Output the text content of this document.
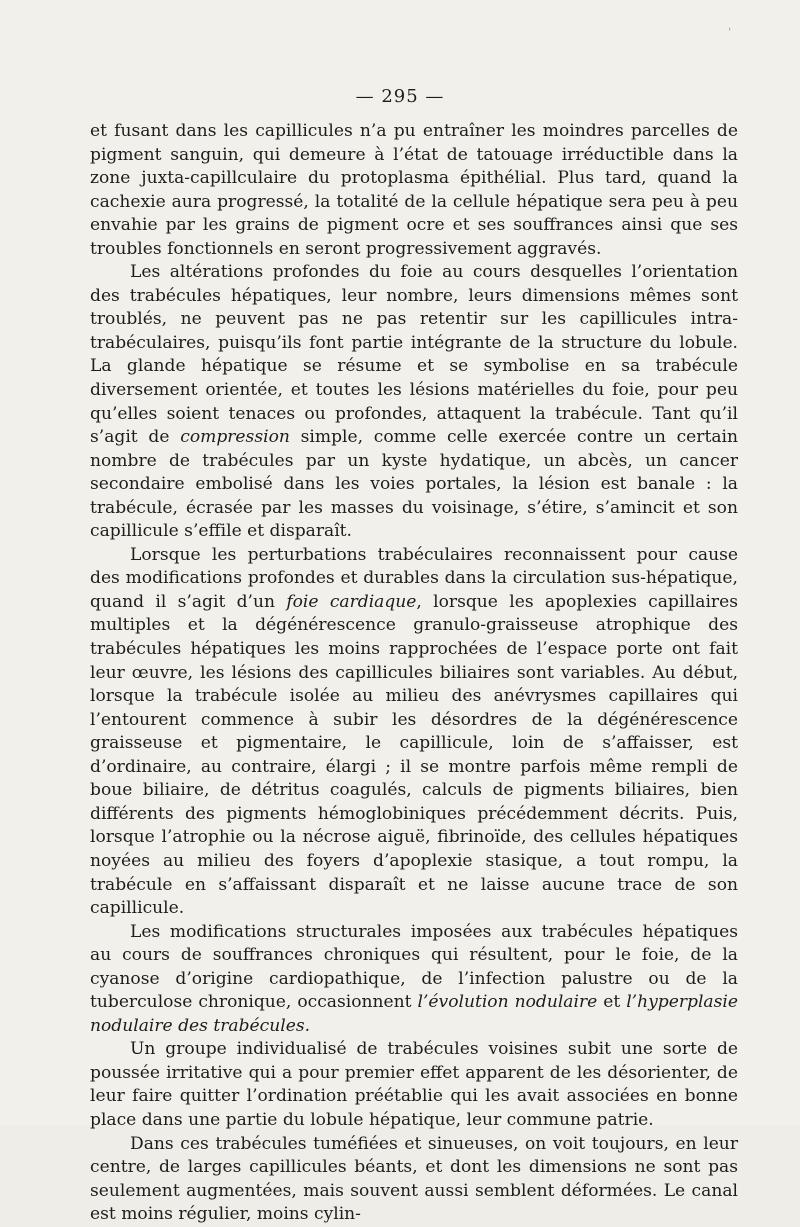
— 295 —

et fusant dans les capillicules n’a pu entraîner les moindres parcelles de pigment sanguin, qui demeure à l’état de tatouage irréductible dans la zone juxta-capillculaire du protoplasma épithélial. Plus tard, quand la cachexie aura progressé, la totalité de la cellule hépatique sera peu à peu envahie par les grains de pigment ocre et ses souffrances ainsi que ses troubles fonctionnels en seront progressivement aggravés.

Les altérations profondes du foie au cours desquelles l’orientation des trabécules hépatiques, leur nombre, leurs dimensions mêmes sont troublés, ne peuvent pas ne pas retentir sur les capillicules intra-trabéculaires, puisqu’ils font partie intégrante de la structure du lobule. La glande hépatique se résume et se symbolise en sa trabécule diversement orientée, et toutes les lésions matérielles du foie, pour peu qu’elles soient tenaces ou profondes, attaquent la trabécule. Tant qu’il s’agit de compression simple, comme celle exercée contre un certain nombre de trabécules par un kyste hydatique, un abcès, un cancer secondaire embolisé dans les voies portales, la lésion est banale : la trabécule, écrasée par les masses du voisinage, s’étire, s’amincit et son capillicule s’effile et disparaît.

Lorsque les perturbations trabéculaires reconnaissent pour cause des modifications profondes et durables dans la circulation sus-hépatique, quand il s’agit d’un foie cardiaque, lorsque les apoplexies capillaires multiples et la dégénérescence granulo-graisseuse atrophique des trabécules hépatiques les moins rapprochées de l’espace porte ont fait leur œuvre, les lésions des capillicules biliaires sont variables. Au début, lorsque la trabécule isolée au milieu des anévrysmes capillaires qui l’entourent commence à subir les désordres de la dégénérescence graisseuse et pigmentaire, le capillicule, loin de s’affaisser, est d’ordinaire, au contraire, élargi ; il se montre parfois même rempli de boue biliaire, de détritus coagulés, calculs de pigments biliaires, bien différents des pigments hémoglobiniques précédemment décrits. Puis, lorsque l’atrophie ou la nécrose aiguë, fibrinoïde, des cellules hépatiques noyées au milieu des foyers d’apoplexie stasique, a tout rompu, la trabécule en s’affaissant disparaît et ne laisse aucune trace de son capillicule.

Les modifications structurales imposées aux trabécules hépatiques au cours de souffrances chroniques qui résultent, pour le foie, de la cyanose d’origine cardiopathique, de l’infection palustre ou de la tuberculose chronique, occasionnent l’évolution nodulaire et l’hyperplasie nodulaire des trabécules.

Un groupe individualisé de trabécules voisines subit une sorte de poussée irritative qui a pour premier effet apparent de les désorienter, de leur faire quitter l’ordination préétablie qui les avait associées en bonne place dans une partie du lobule hépatique, leur commune patrie.

Dans ces trabécules tuméfiées et sinueuses, on voit toujours, en leur centre, de larges capillicules béants, et dont les dimensions ne sont pas seulement augmentées, mais souvent aussi semblent déformées. Le canal est moins régulier, moins cylin-

ˌ
